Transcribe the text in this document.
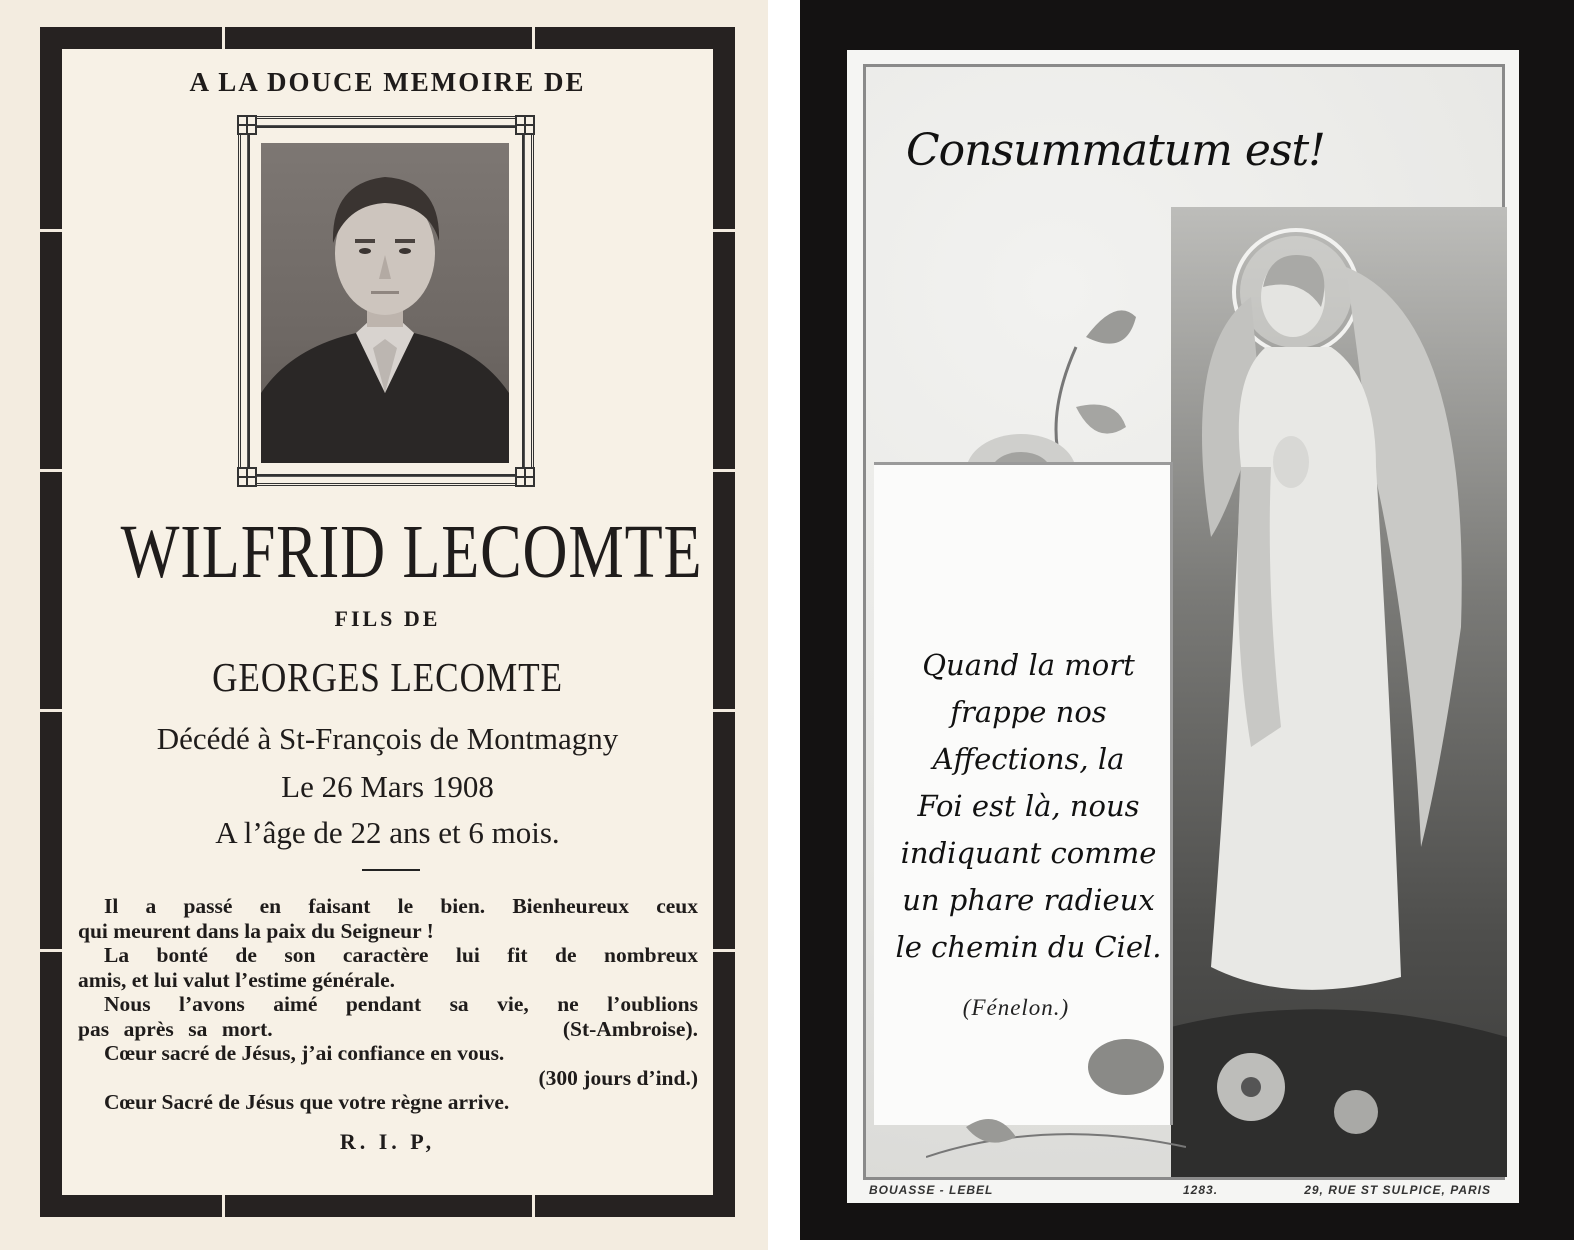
A LA DOUCE MEMOIRE DE
WILFRID LECOMTE
FILS DE
GEORGES LECOMTE
Décédé à St-François de Montmagny
Le 26 Mars 1908
A l’âge de 22 ans et 6 mois.
Il a passé en faisant le bien. Bienheureux ceux
qui meurent dans la paix du Seigneur !
La bonté de son caractère lui fit de nombreux
amis, et lui valut l’estime générale.
Nous l’avons aimé pendant sa vie, ne l’oublions
pas après sa mort.                    (St-Ambroise).
Cœur sacré de Jésus, j’ai confiance en vous.
(300 jours d’ind.)
Cœur Sacré de Jésus que votre règne arrive.
R. I. P,
Consummatum est!
Quand la mort
frappe nos
Affections, la
Foi est là, nous
indiquant comme
un phare radieux
le chemin du Ciel.
(Fénelon.)
BOUASSE - LEBEL	1283.	29, RUE ST SULPICE, PARIS
